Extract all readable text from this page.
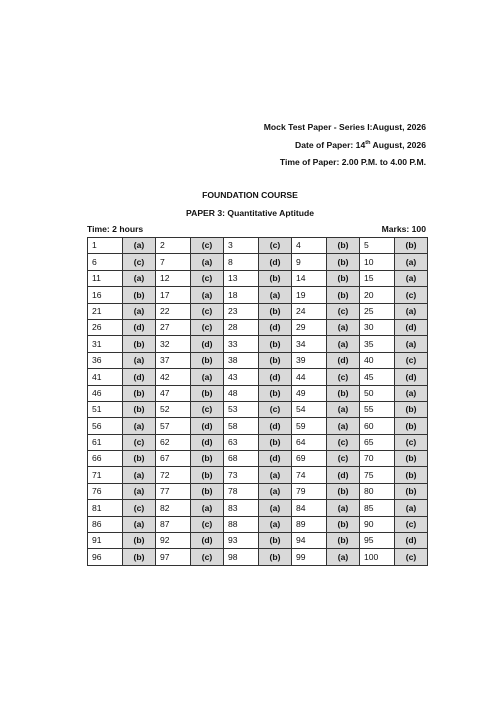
Mock Test Paper - Series I:August, 2026
Date of Paper: 14th August, 2026
Time of Paper: 2.00 P.M. to 4.00 P.M.
FOUNDATION COURSE
PAPER 3: Quantitative Aptitude
Time: 2 hours	Marks: 100
1	(a)	2	(c)	3	(c)	4	(b)	5	(b)
6	(c)	7	(a)	8	(d)	9	(b)	10	(a)
11	(a)	12	(c)	13	(b)	14	(b)	15	(a)
16	(b)	17	(a)	18	(a)	19	(b)	20	(c)
21	(a)	22	(c)	23	(b)	24	(c)	25	(a)
26	(d)	27	(c)	28	(d)	29	(a)	30	(d)
31	(b)	32	(d)	33	(b)	34	(a)	35	(a)
36	(a)	37	(b)	38	(b)	39	(d)	40	(c)
41	(d)	42	(a)	43	(d)	44	(c)	45	(d)
46	(b)	47	(b)	48	(b)	49	(b)	50	(a)
51	(b)	52	(c)	53	(c)	54	(a)	55	(b)
56	(a)	57	(d)	58	(d)	59	(a)	60	(b)
61	(c)	62	(d)	63	(b)	64	(c)	65	(c)
66	(b)	67	(b)	68	(d)	69	(c)	70	(b)
71	(a)	72	(b)	73	(a)	74	(d)	75	(b)
76	(a)	77	(b)	78	(a)	79	(b)	80	(b)
81	(c)	82	(a)	83	(a)	84	(a)	85	(a)
86	(a)	87	(c)	88	(a)	89	(b)	90	(c)
91	(b)	92	(d)	93	(b)	94	(b)	95	(d)
96	(b)	97	(c)	98	(b)	99	(a)	100	(c)
